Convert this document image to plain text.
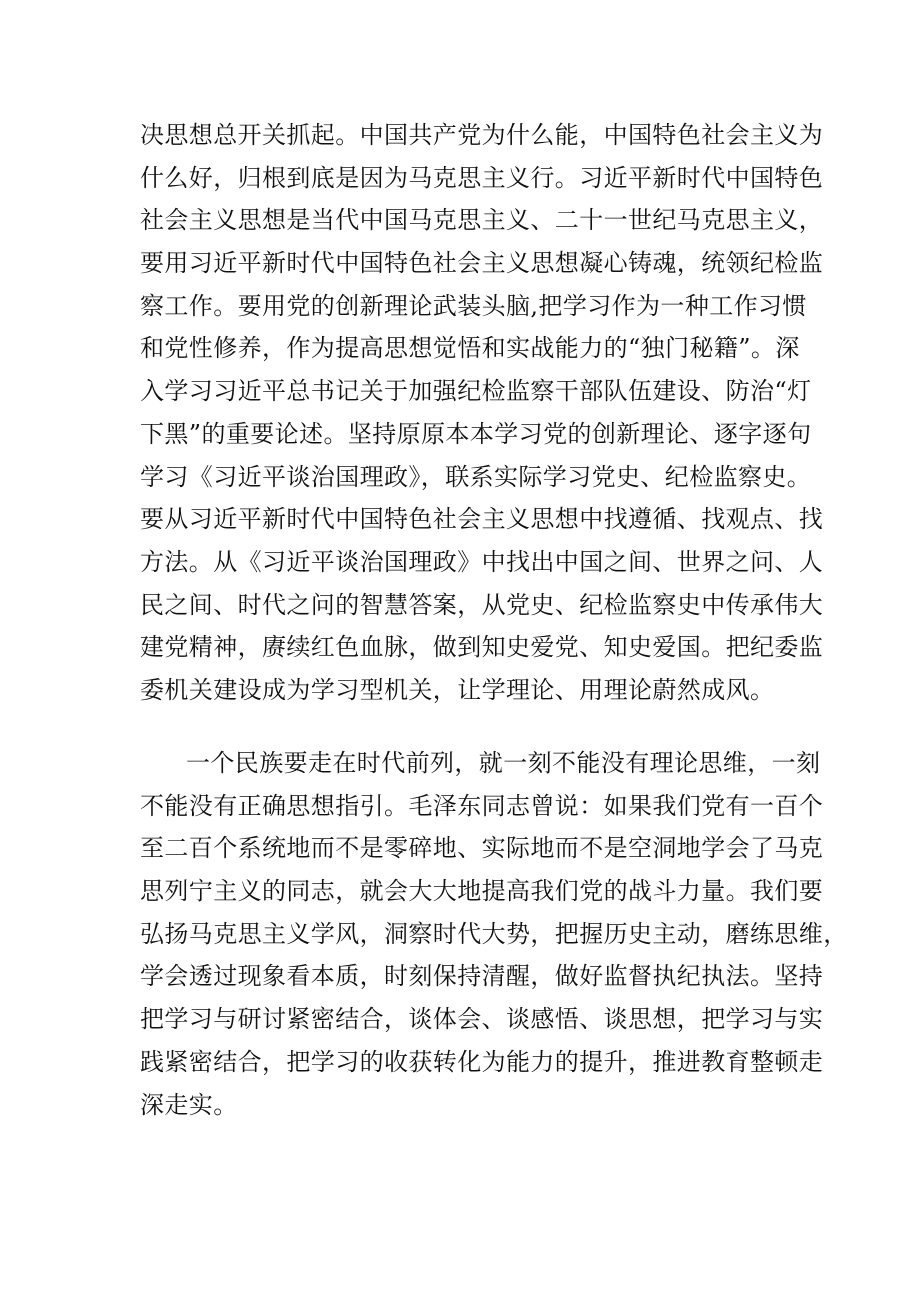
决思想总开关抓起。中国共产党为什么能，中国特色社会主义为
什么好，归根到底是因为马克思主义行。习近平新时代中国特色
社会主义思想是当代中国马克思主义、二十一世纪马克思主义，
要用习近平新时代中国特色社会主义思想凝心铸魂，统领纪检监
察工作。要用党的创新理论武装头脑,把学习作为一种工作习惯
和党性修养，作为提高思想觉悟和实战能力的“独门秘籍”。深
入学习习近平总书记关于加强纪检监察干部队伍建设、防治“灯
下黑”的重要论述。坚持原原本本学习党的创新理论、逐字逐句
学习《习近平谈治国理政》，联系实际学习党史、纪检监察史。
要从习近平新时代中国特色社会主义思想中找遵循、找观点、找
方法。从《习近平谈治国理政》中找出中国之间、世界之问、人
民之间、时代之问的智慧答案，从党史、纪检监察史中传承伟大
建党精神，赓续红色血脉，做到知史爱党、知史爱国。把纪委监
委机关建设成为学习型机关，让学理论、用理论蔚然成风。
一个民族要走在时代前列，就一刻不能没有理论思维，一刻
不能没有正确思想指引。毛泽东同志曾说：如果我们党有一百个
至二百个系统地而不是零碎地、实际地而不是空洞地学会了马克
思列宁主义的同志，就会大大地提高我们党的战斗力量。我们要
弘扬马克思主义学风，洞察时代大势，把握历史主动，磨练思维，
学会透过现象看本质，时刻保持清醒，做好监督执纪执法。坚持
把学习与研讨紧密结合，谈体会、谈感悟、谈思想，把学习与实
践紧密结合，把学习的收获转化为能力的提升，推进教育整顿走
深走实。
